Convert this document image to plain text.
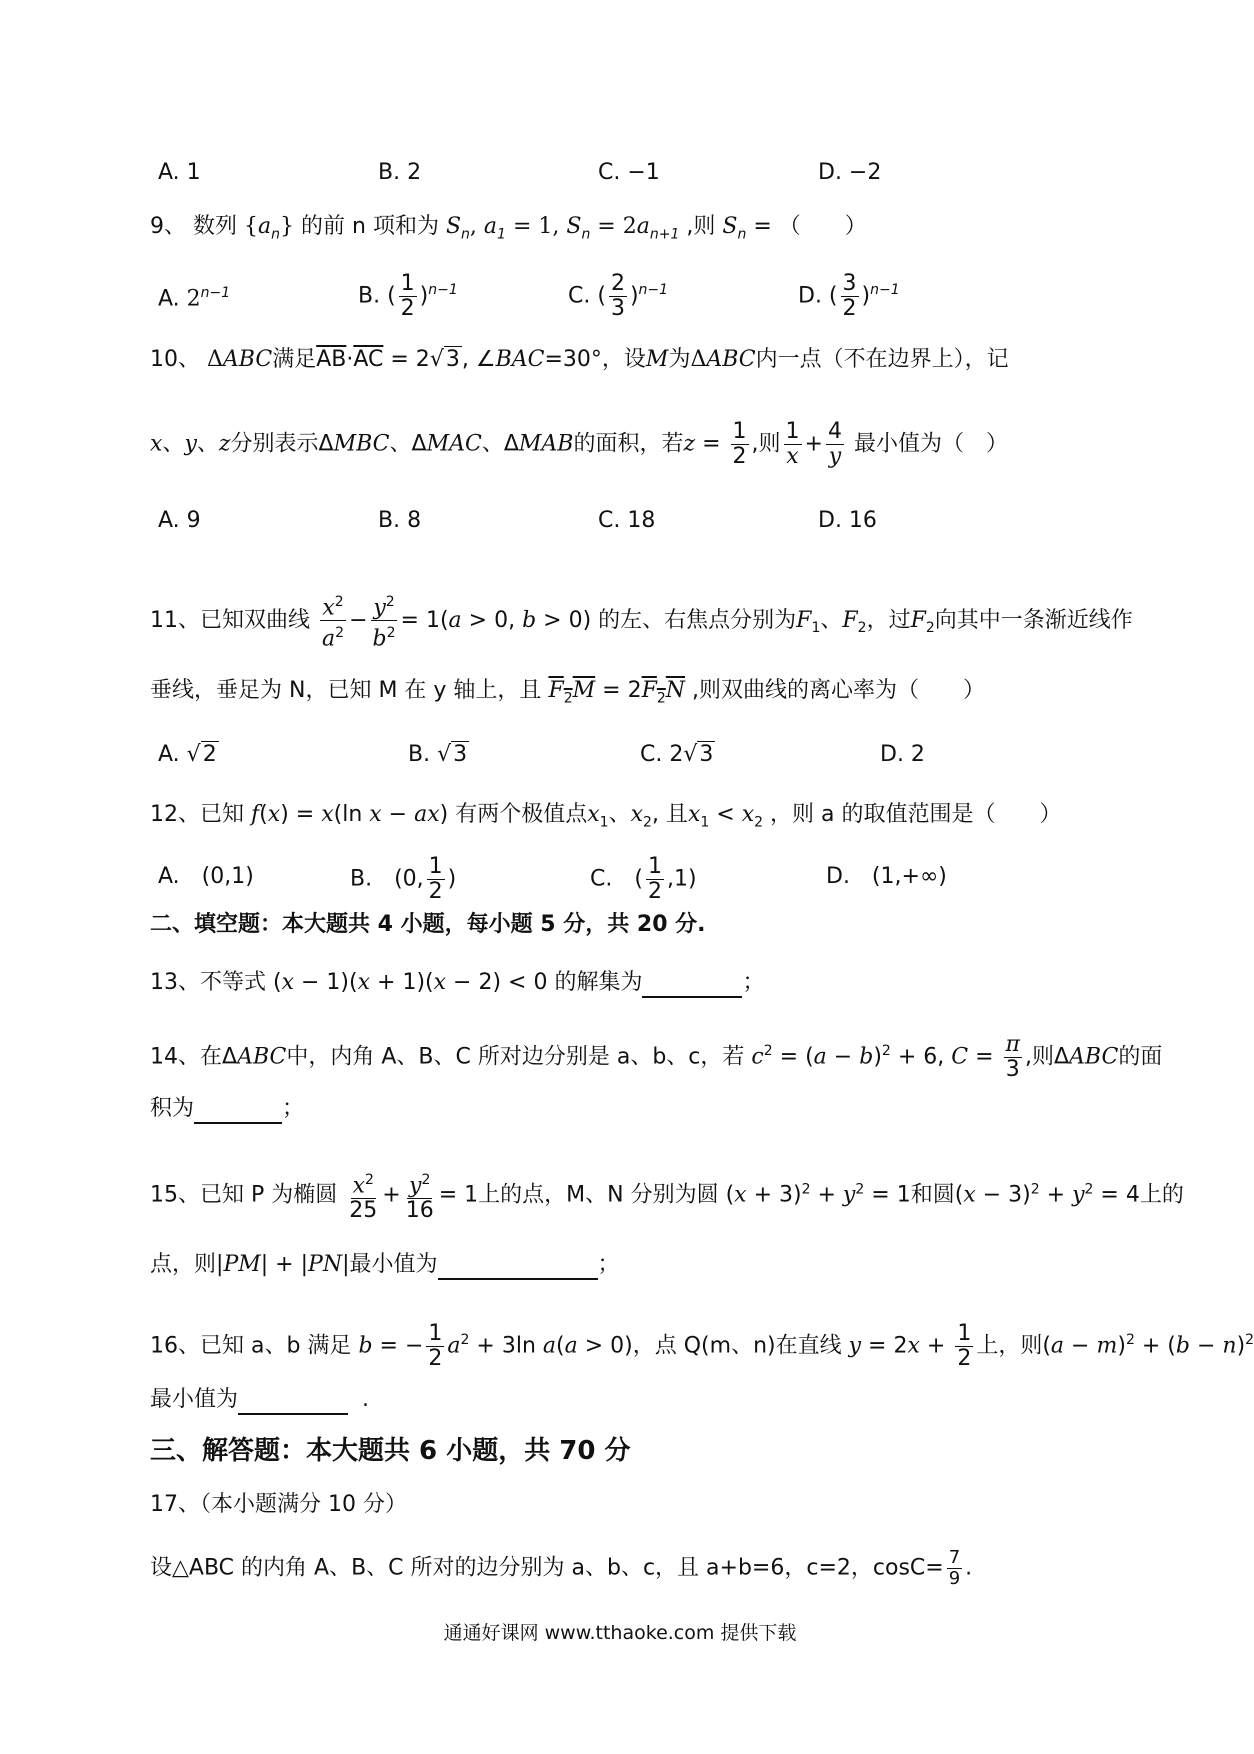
A. 1	B. 2	C. −1	D. −2
9、 数列 $\{a_n\}$ 的前 n 项和为 $S_n$, $a_1 = 1$, $S_n = 2a_{n+1}$ ,则 $S_n$ = （　　）
A. $2^{n-1}$	B. ( $\frac{1}{2} )^{n-1}$	C. ( $\frac{2}{3} )^{n-1}$	D. ( $\frac{3}{2} )^{n-1}$
10、 ΔABC满足$\overline{AB}\cdot\overline{AC} = 2√3$, ∠BAC=30°，设M为ΔABC内一点（不在边界上），记
x、y、z分别表示ΔMBC、ΔMAC、ΔMAB的面积，若$z = \frac{1}{2}$ ,则 $\frac{1}{x} + \frac{4}{y}$ 最小值为（　）
A. 9	B. 8	C. 18	D. 16
11、已知双曲线 $\frac{x^2}{a^2} - \frac{y^2}{b^2} = 1(a > 0$, b > 0) 的左、右焦点分别为$F_1$、$F_2$，过$F_2$向其中一条渐近线作
垂线，垂足为 N，已知 M 在 y 轴上，且 $F_2M = 2F_2N$ ,则双曲线的离心率为（　　）
A. √2	B. √3	C. 2√3	D. 2
12、已知 f(x) = x(ln x − ax) 有两个极值点$x_1$、$x_2$, 且$x_1 < x_2$ ，则 a 的取值范围是（　　）
A.　(0,1)	B.　(0, $\frac{1}{2}$ )	C.　( $\frac{1}{2} ,1$)	D.　(1,+∞)
二、填空题：本大题共 4 小题，每小题 5 分，共 20 分.
13、不等式 (x − 1)(x + 1)(x − 2) < 0 的解集为	；
14、在ΔABC中，内角 A、B、C 所对边分别是 a、b、c，若 $c^2 = (a - b)^2 + 6$, $C = \frac{\pi}{3}$ ,则ΔABC的面
积为	；
15、已知 P 为椭圆 $\frac{x^2}{25} + \frac{y^2}{16} = 1$上的点，M、N 分别为圆 $(x + 3)^2 + y^2 = 1$和圆$(x - 3)^2 + y^2 = 4$上的
点，则|PM| + |PN|最小值为	；
16、已知 a、b 满足 b = − $\frac{1}{2} a^2 + 3\ln$ a(a > 0)，点 Q(m、n)在直线 $y = 2x + \frac{1}{2}$ 上，则$(a - m)^2 + (b - n)^2$
最小值为	.
三、解答题：本大题共 6 小题，共 70 分
17、（本小题满分 10 分）
设△ABC 的内角 A、B、C 所对的边分别为 a、b、c，且 a+b=6，c=2，$\cos C= \frac{7}{9}$ .
通通好课网 www.tthaoke.com 提供下载
